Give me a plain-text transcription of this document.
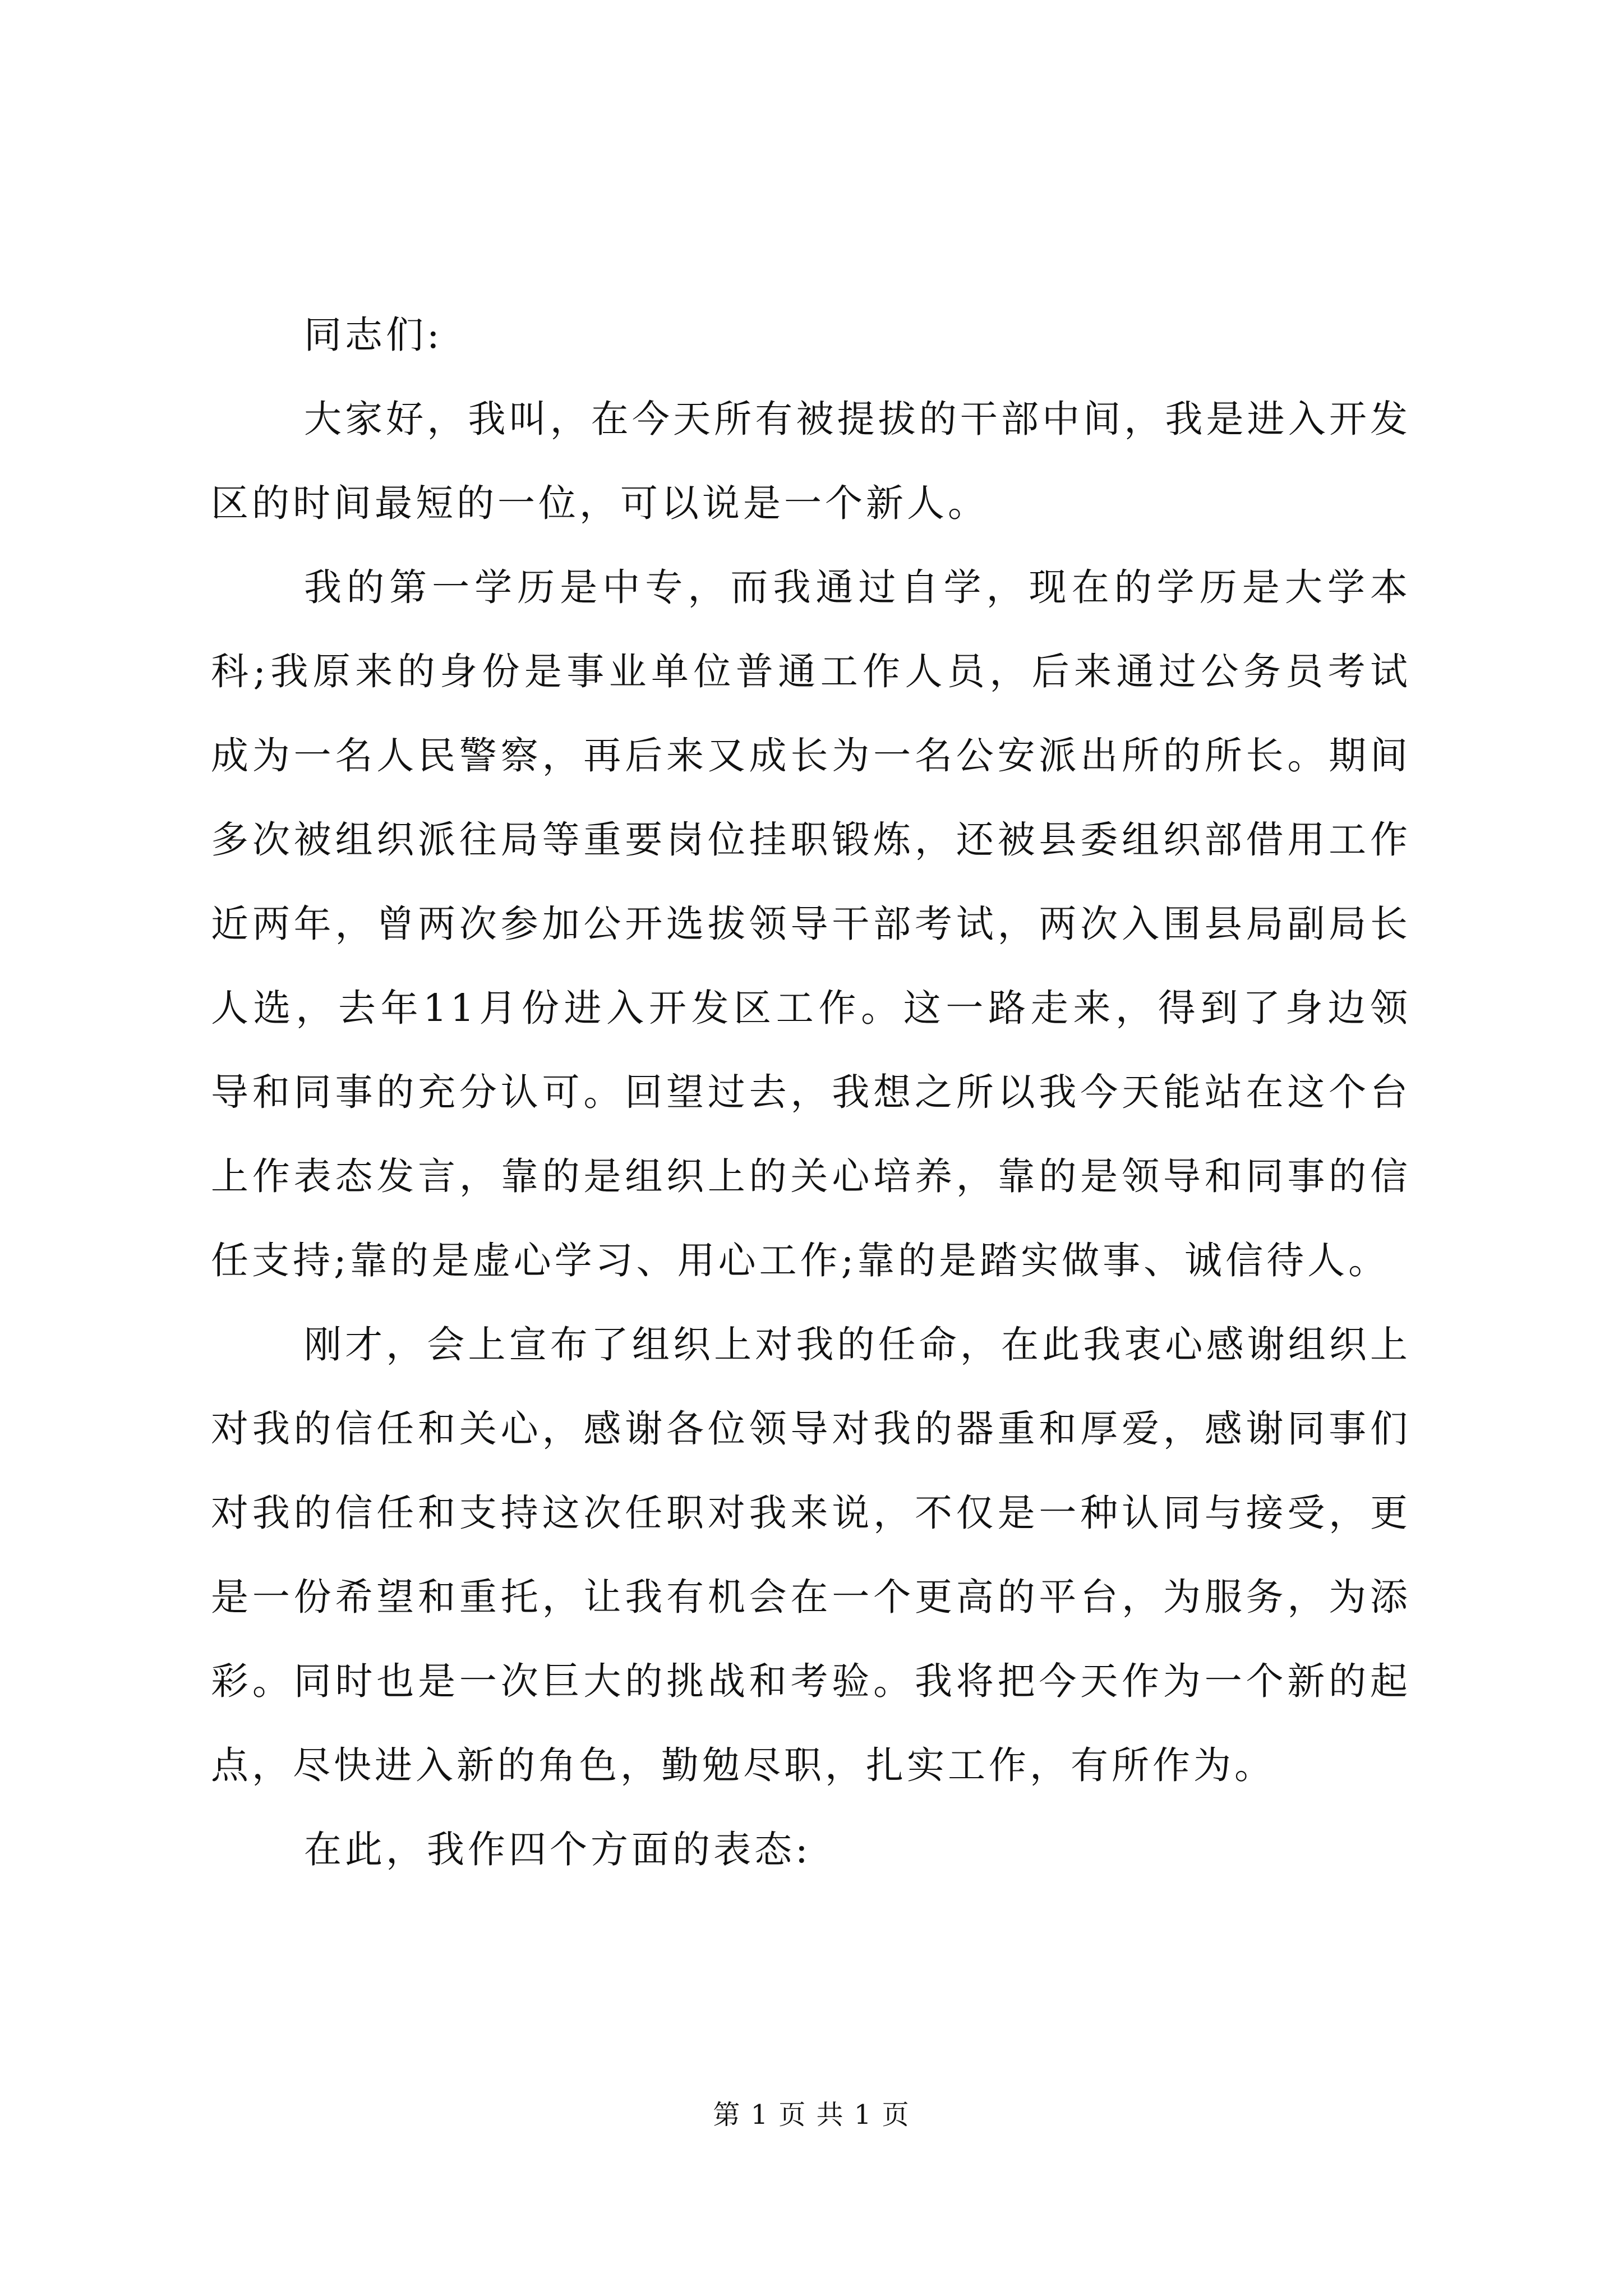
同志们:

大家好，我叫，在今天所有被提拔的干部中间，我是进入开发区的时间最短的一位，可以说是一个新人。

我的第一学历是中专，而我通过自学，现在的学历是大学本科;我原来的身份是事业单位普通工作人员，后来通过公务员考试成为一名人民警察，再后来又成长为一名公安派出所的所长。期间多次被组织派往局等重要岗位挂职锻炼，还被县委组织部借用工作近两年，曾两次参加公开选拔领导干部考试，两次入围县局副局长人选，去年11月份进入开发区工作。这一路走来，得到了身边领导和同事的充分认可。回望过去，我想之所以我今天能站在这个台上作表态发言，靠的是组织上的关心培养，靠的是领导和同事的信任支持;靠的是虚心学习、用心工作;靠的是踏实做事、诚信待人。

刚才，会上宣布了组织上对我的任命，在此我衷心感谢组织上对我的信任和关心，感谢各位领导对我的器重和厚爱，感谢同事们对我的信任和支持这次任职对我来说，不仅是一种认同与接受，更是一份希望和重托，让我有机会在一个更高的平台，为服务，为添彩。同时也是一次巨大的挑战和考验。我将把今天作为一个新的起点，尽快进入新的角色，勤勉尽职，扎实工作，有所作为。

在此，我作四个方面的表态:

第 1 页 共 1 页
